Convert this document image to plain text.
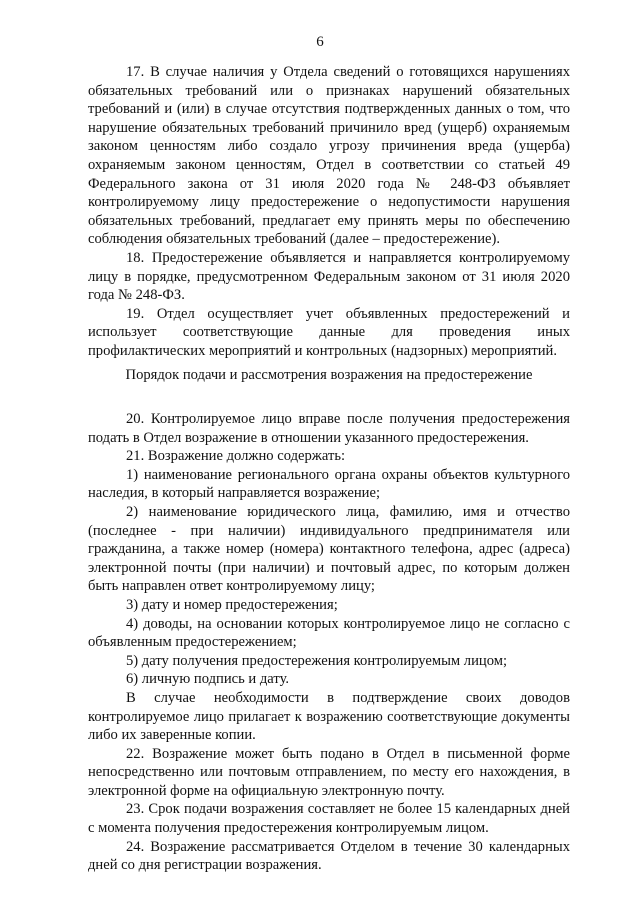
6

17. В случае наличия у Отдела сведений о готовящихся нарушениях обязательных требований или о признаках нарушений обязательных требований и (или) в случае отсутствия подтвержденных данных о том, что нарушение обязательных требований причинило вред (ущерб) охраняемым законом ценностям либо создало угрозу причинения вреда (ущерба) охраняемым законом ценностям, Отдел в соответствии со статьей 49 Федерального закона от 31 июля 2020 года № 248-ФЗ объявляет контролируемому лицу предостережение о недопустимости нарушения обязательных требований, предлагает ему принять меры по обеспечению соблюдения обязательных требований (далее – предостережение).

18. Предостережение объявляется и направляется контролируемому лицу в порядке, предусмотренном Федеральным законом от 31 июля 2020 года № 248-ФЗ.

19. Отдел осуществляет учет объявленных предостережений и использует соответствующие данные для проведения иных профилактических мероприятий и контрольных (надзорных) мероприятий.

Порядок подачи и рассмотрения возражения на предостережение

20. Контролируемое лицо вправе после получения предостережения подать в Отдел возражение в отношении указанного предостережения.

21. Возражение должно содержать:

1) наименование регионального органа охраны объектов культурного наследия, в который направляется возражение;

2) наименование юридического лица, фамилию, имя и отчество (последнее - при наличии) индивидуального предпринимателя или гражданина, а также номер (номера) контактного телефона, адрес (адреса) электронной почты (при наличии) и почтовый адрес, по которым должен быть направлен ответ контролируемому лицу;

3) дату и номер предостережения;

4) доводы, на основании которых контролируемое лицо не согласно с объявленным предостережением;

5) дату получения предостережения контролируемым лицом;

6) личную подпись и дату.

В случае необходимости в подтверждение своих доводов контролируемое лицо прилагает к возражению соответствующие документы либо их заверенные копии.

22. Возражение может быть подано в Отдел в письменной форме непосредственно или почтовым отправлением, по месту его нахождения, в электронной форме на официальную электронную почту.

23. Срок подачи возражения составляет не более 15 календарных дней с момента получения предостережения контролируемым лицом.

24. Возражение рассматривается Отделом в течение 30 календарных дней со дня регистрации возражения.
